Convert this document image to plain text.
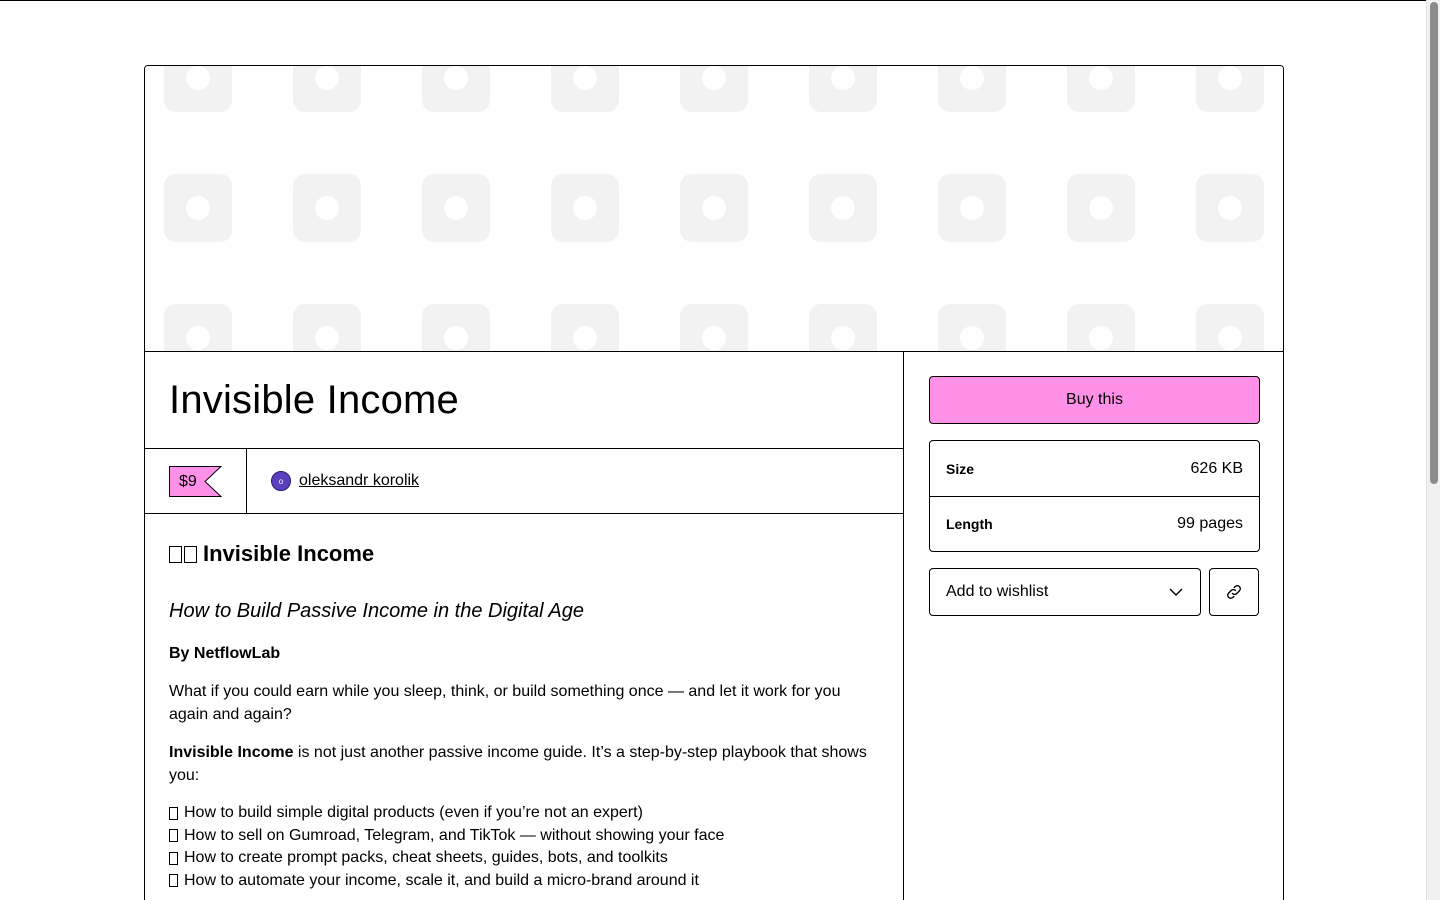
Invisible Income
$9	o oleksandr korolik
Invisible Income
How to Build Passive Income in the Digital Age

By NetflowLab

What if you could earn while you sleep, think, or build something once — and let it work for you again and again?

Invisible Income is not just another passive income guide. It’s a step-by-step playbook that shows you:

How to build simple digital products (even if you’re not an expert)
How to sell on Gumroad, Telegram, and TikTok — without showing your face
How to create prompt packs, cheat sheets, guides, bots, and toolkits
How to automate your income, scale it, and build a micro-brand around it
Buy this
Size	626 KB
Length	99 pages
Add to wishlist
